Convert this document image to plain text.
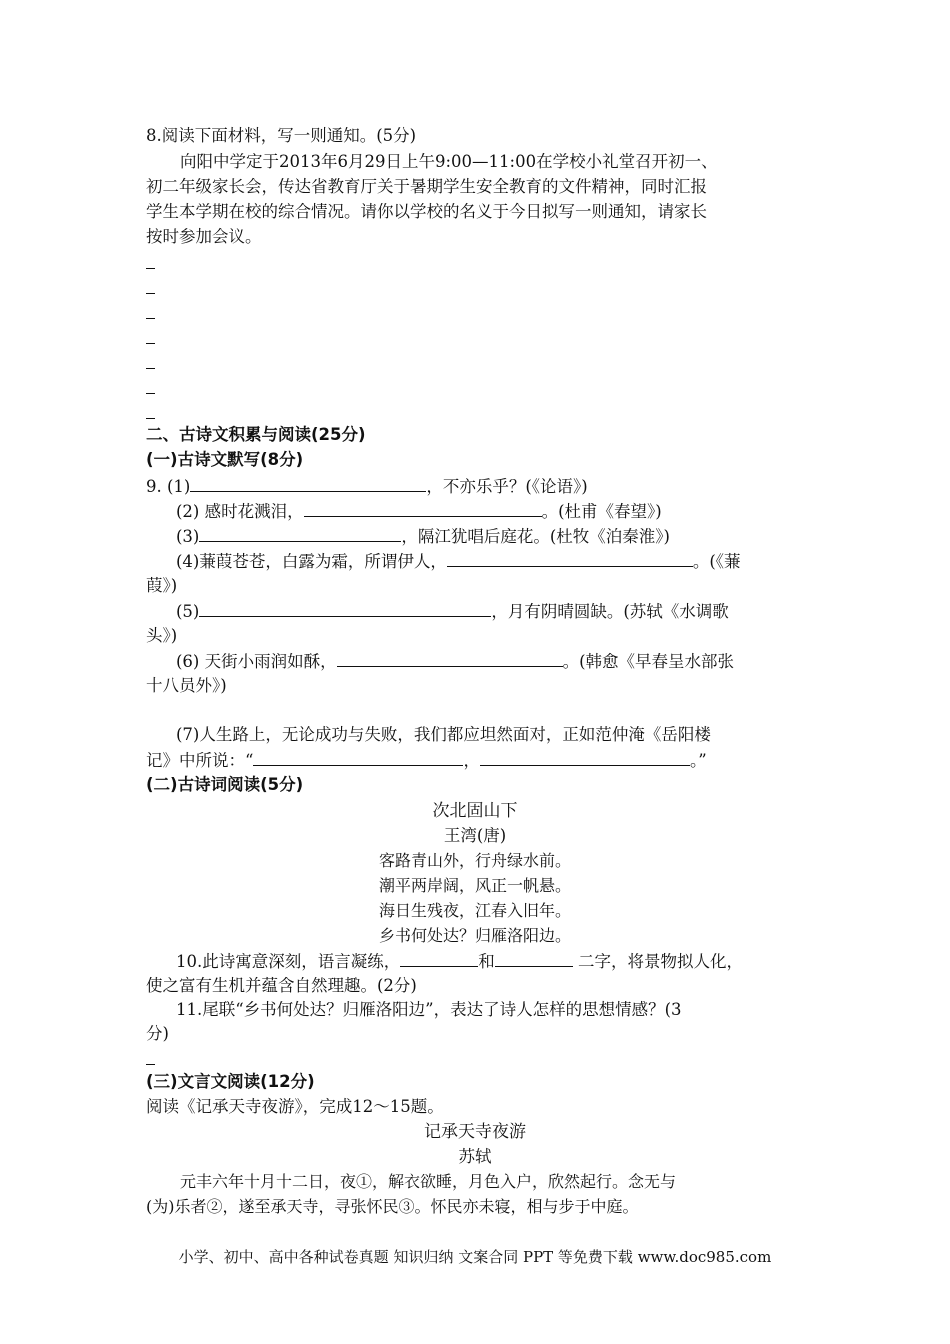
8.阅读下面材料，写一则通知。(5分)
向阳中学定于2013年6月29日上午9:00—11:00在学校小礼堂召开初一、
初二年级家长会，传达省教育厅关于暑期学生安全教育的文件精神，同时汇报
学生本学期在校的综合情况。请你以学校的名义于今日拟写一则通知，请家长
按时参加会议。
二、古诗文积累与阅读(25分)
(一)古诗文默写(8分)
9. (1)	，不亦乐乎？(《论语》)
(2) 感时花溅泪，	。(杜甫《春望》)
(3)	，隔江犹唱后庭花。(杜牧《泊秦淮》)
(4)蒹葭苍苍，白露为霜，所谓伊人，	。(《蒹
葭》)
(5)	，月有阴晴圆缺。(苏轼《水调歌
头》)
(6) 天街小雨润如酥，	。(韩愈《早春呈水部张
十八员外》)
(7)人生路上，无论成功与失败，我们都应坦然面对，正如范仲淹《岳阳楼
记》中所说：“	，	。”
(二)古诗词阅读(5分)
次北固山下
王湾(唐)
客路青山外，行舟绿水前。
潮平两岸阔，风正一帆悬。
海日生残夜，江春入旧年。
乡书何处达？归雁洛阳边。
10.此诗寓意深刻，语言凝练，	和	二字，将景物拟人化，
使之富有生机并蕴含自然理趣。(2分)
11.尾联“乡书何处达？归雁洛阳边”，表达了诗人怎样的思想情感？(3
分)
(三)文言文阅读(12分)
阅读《记承天寺夜游》，完成12～15题。
记承天寺夜游
苏轼
元丰六年十月十二日，夜①，解衣欲睡，月色入户，欣然起行。念无与
(为)乐者②，遂至承天寺，寻张怀民③。怀民亦未寝，相与步于中庭。
小学、初中、高中各种试卷真题 知识归纳 文案合同 PPT 等免费下载 www.doc985.com
